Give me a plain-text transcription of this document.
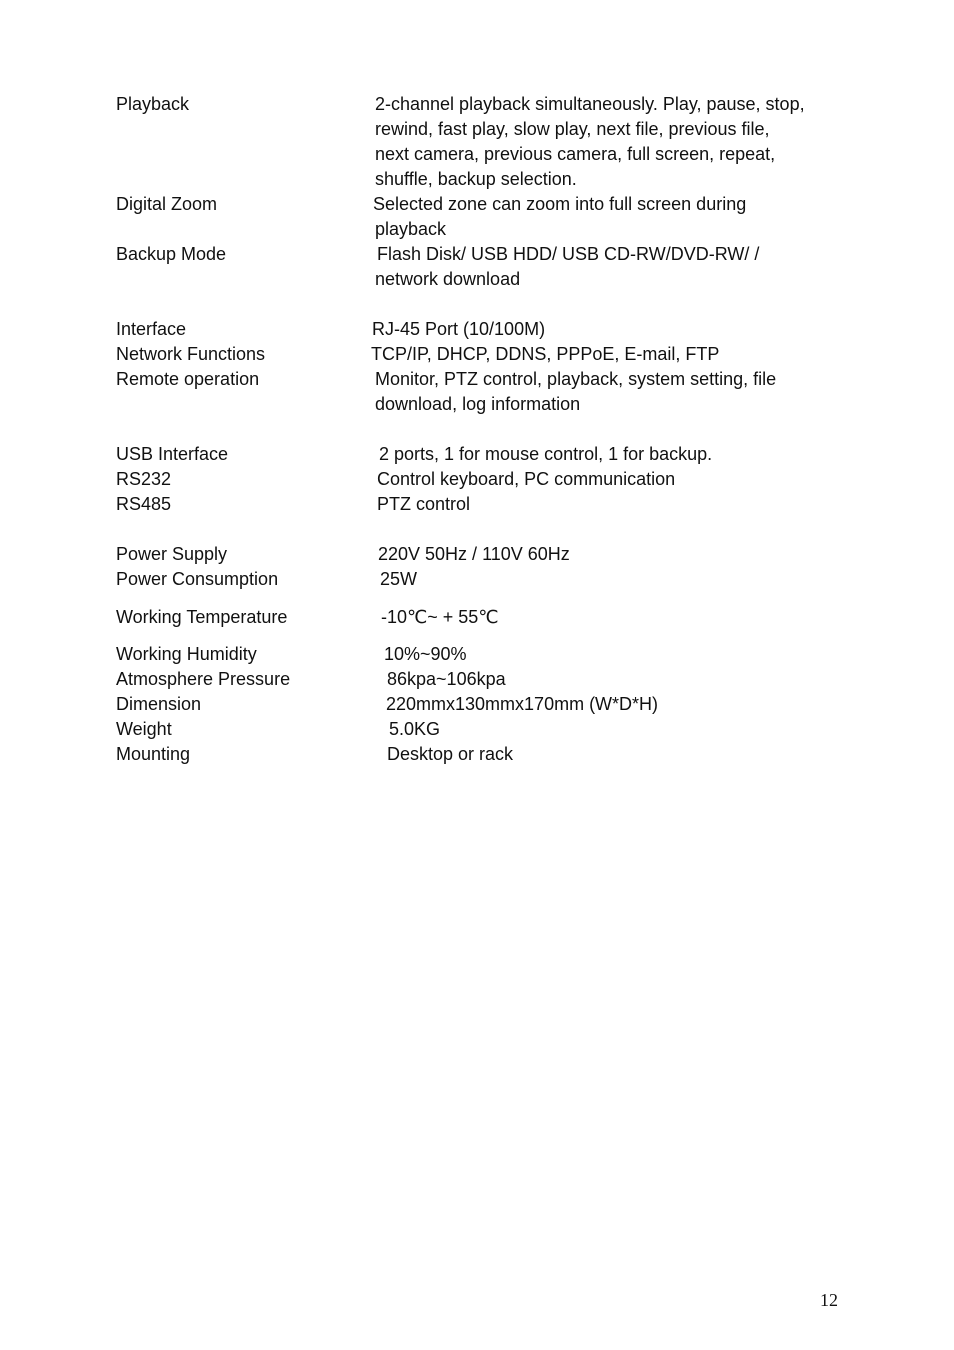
Playback	2-channel playback simultaneously. Play, pause, stop,
rewind, fast play, slow play, next file, previous file,
next camera, previous camera, full screen, repeat,
shuffle, backup selection.
Digital Zoom	Selected zone can zoom into full screen during
playback
Backup Mode	Flash Disk/ USB HDD/ USB CD-RW/DVD-RW/ /
network download
Interface	RJ-45 Port (10/100M)
Network Functions	TCP/IP, DHCP, DDNS, PPPoE, E-mail, FTP
Remote operation	Monitor, PTZ control, playback, system setting, file
download, log information
USB Interface	2 ports, 1 for mouse control, 1 for backup.
RS232	Control keyboard, PC communication
RS485	PTZ control
Power Supply	220V 50Hz / 110V 60Hz
Power Consumption	25W
Working Temperature	-10℃~ + 55℃
Working Humidity	10%~90%
Atmosphere Pressure	86kpa~106kpa
Dimension	220mmx130mmx170mm (W*D*H)
Weight	5.0KG
Mounting	Desktop or rack
12
